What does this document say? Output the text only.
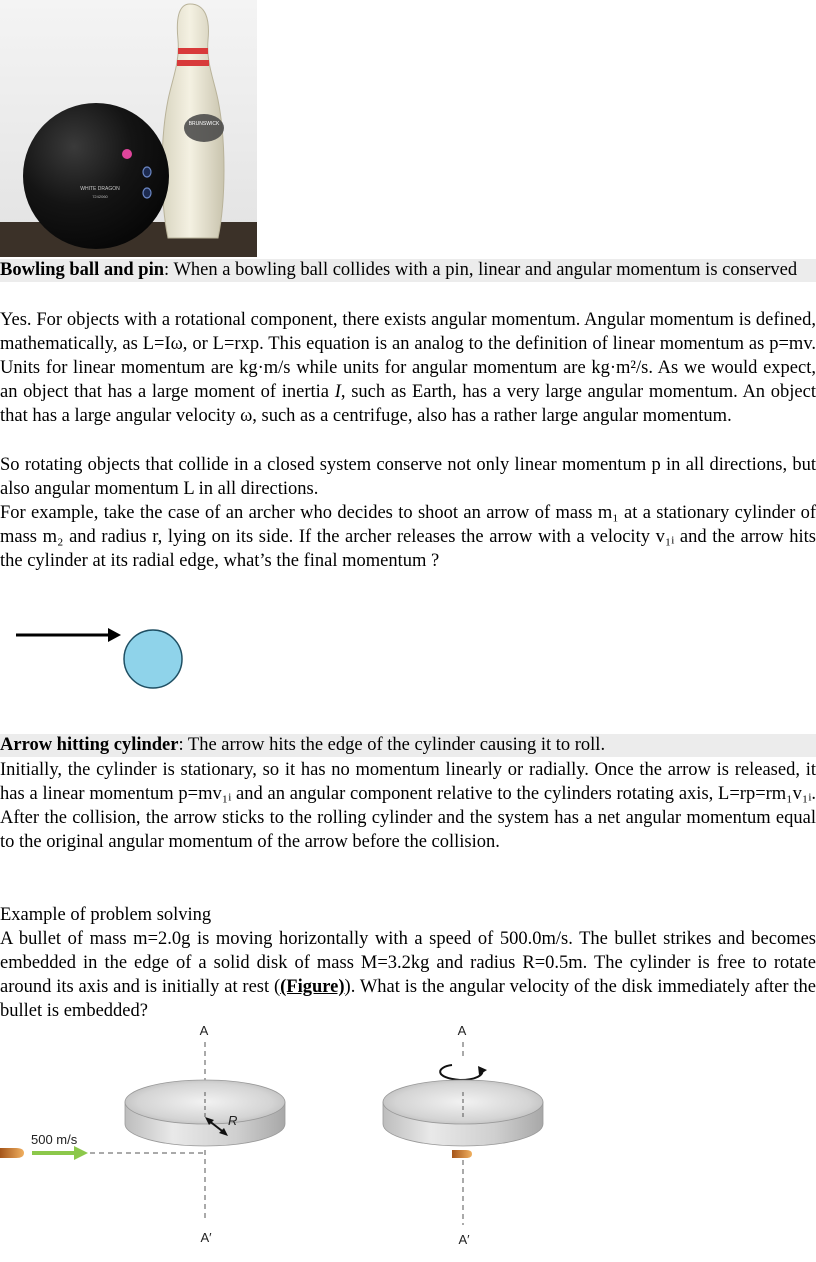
BRUNSWICK
WHITE DRAGON
7242060
Bowling ball and pin: When a bowling ball collides with a pin, linear and angular momentum is conserved
Yes. For objects with a rotational component, there exists angular momentum. Angular momentum is defined, mathematically, as L=Iω, or L=rxp. This equation is an analog to the definition of linear momentum as p=mv. Units for linear momentum are kg·m/s while units for angular momentum are kg·m²/s. As we would expect, an object that has a large moment of inertia I, such as Earth, has a very large angular momentum. An object that has a large angular velocity ω, such as a centrifuge, also has a rather large angular momentum.
So rotating objects that collide in a closed system conserve not only linear momentum p in all directions, but also angular momentum L in all directions.
For example, take the case of an archer who decides to shoot an arrow of mass m₁ at a stationary cylinder of mass m₂ and radius r, lying on its side. If the archer releases the arrow with a velocity v₁ᵢ and the arrow hits the cylinder at its radial edge, what’s the final momentum ?
Arrow hitting cylinder: The arrow hits the edge of the cylinder causing it to roll.
Initially, the cylinder is stationary, so it has no momentum linearly or radially. Once the arrow is released, it has a linear momentum p=mv₁ᵢ and an angular component relative to the cylinders rotating axis, L=rp=rm₁v₁ᵢ. After the collision, the arrow sticks to the rolling cylinder and the system has a net angular momentum equal to the original angular momentum of the arrow before the collision.
Example of problem solving
A bullet of mass m=2.0g is moving horizontally with a speed of 500.0m/s. The bullet strikes and becomes embedded in the edge of a solid disk of mass M=3.2kg and radius R=0.5m. The cylinder is free to rotate around its axis and is initially at rest ((Figure)). What is the angular velocity of the disk immediately after the bullet is embedded?
A
R
A′
500 m/s
A
A′
